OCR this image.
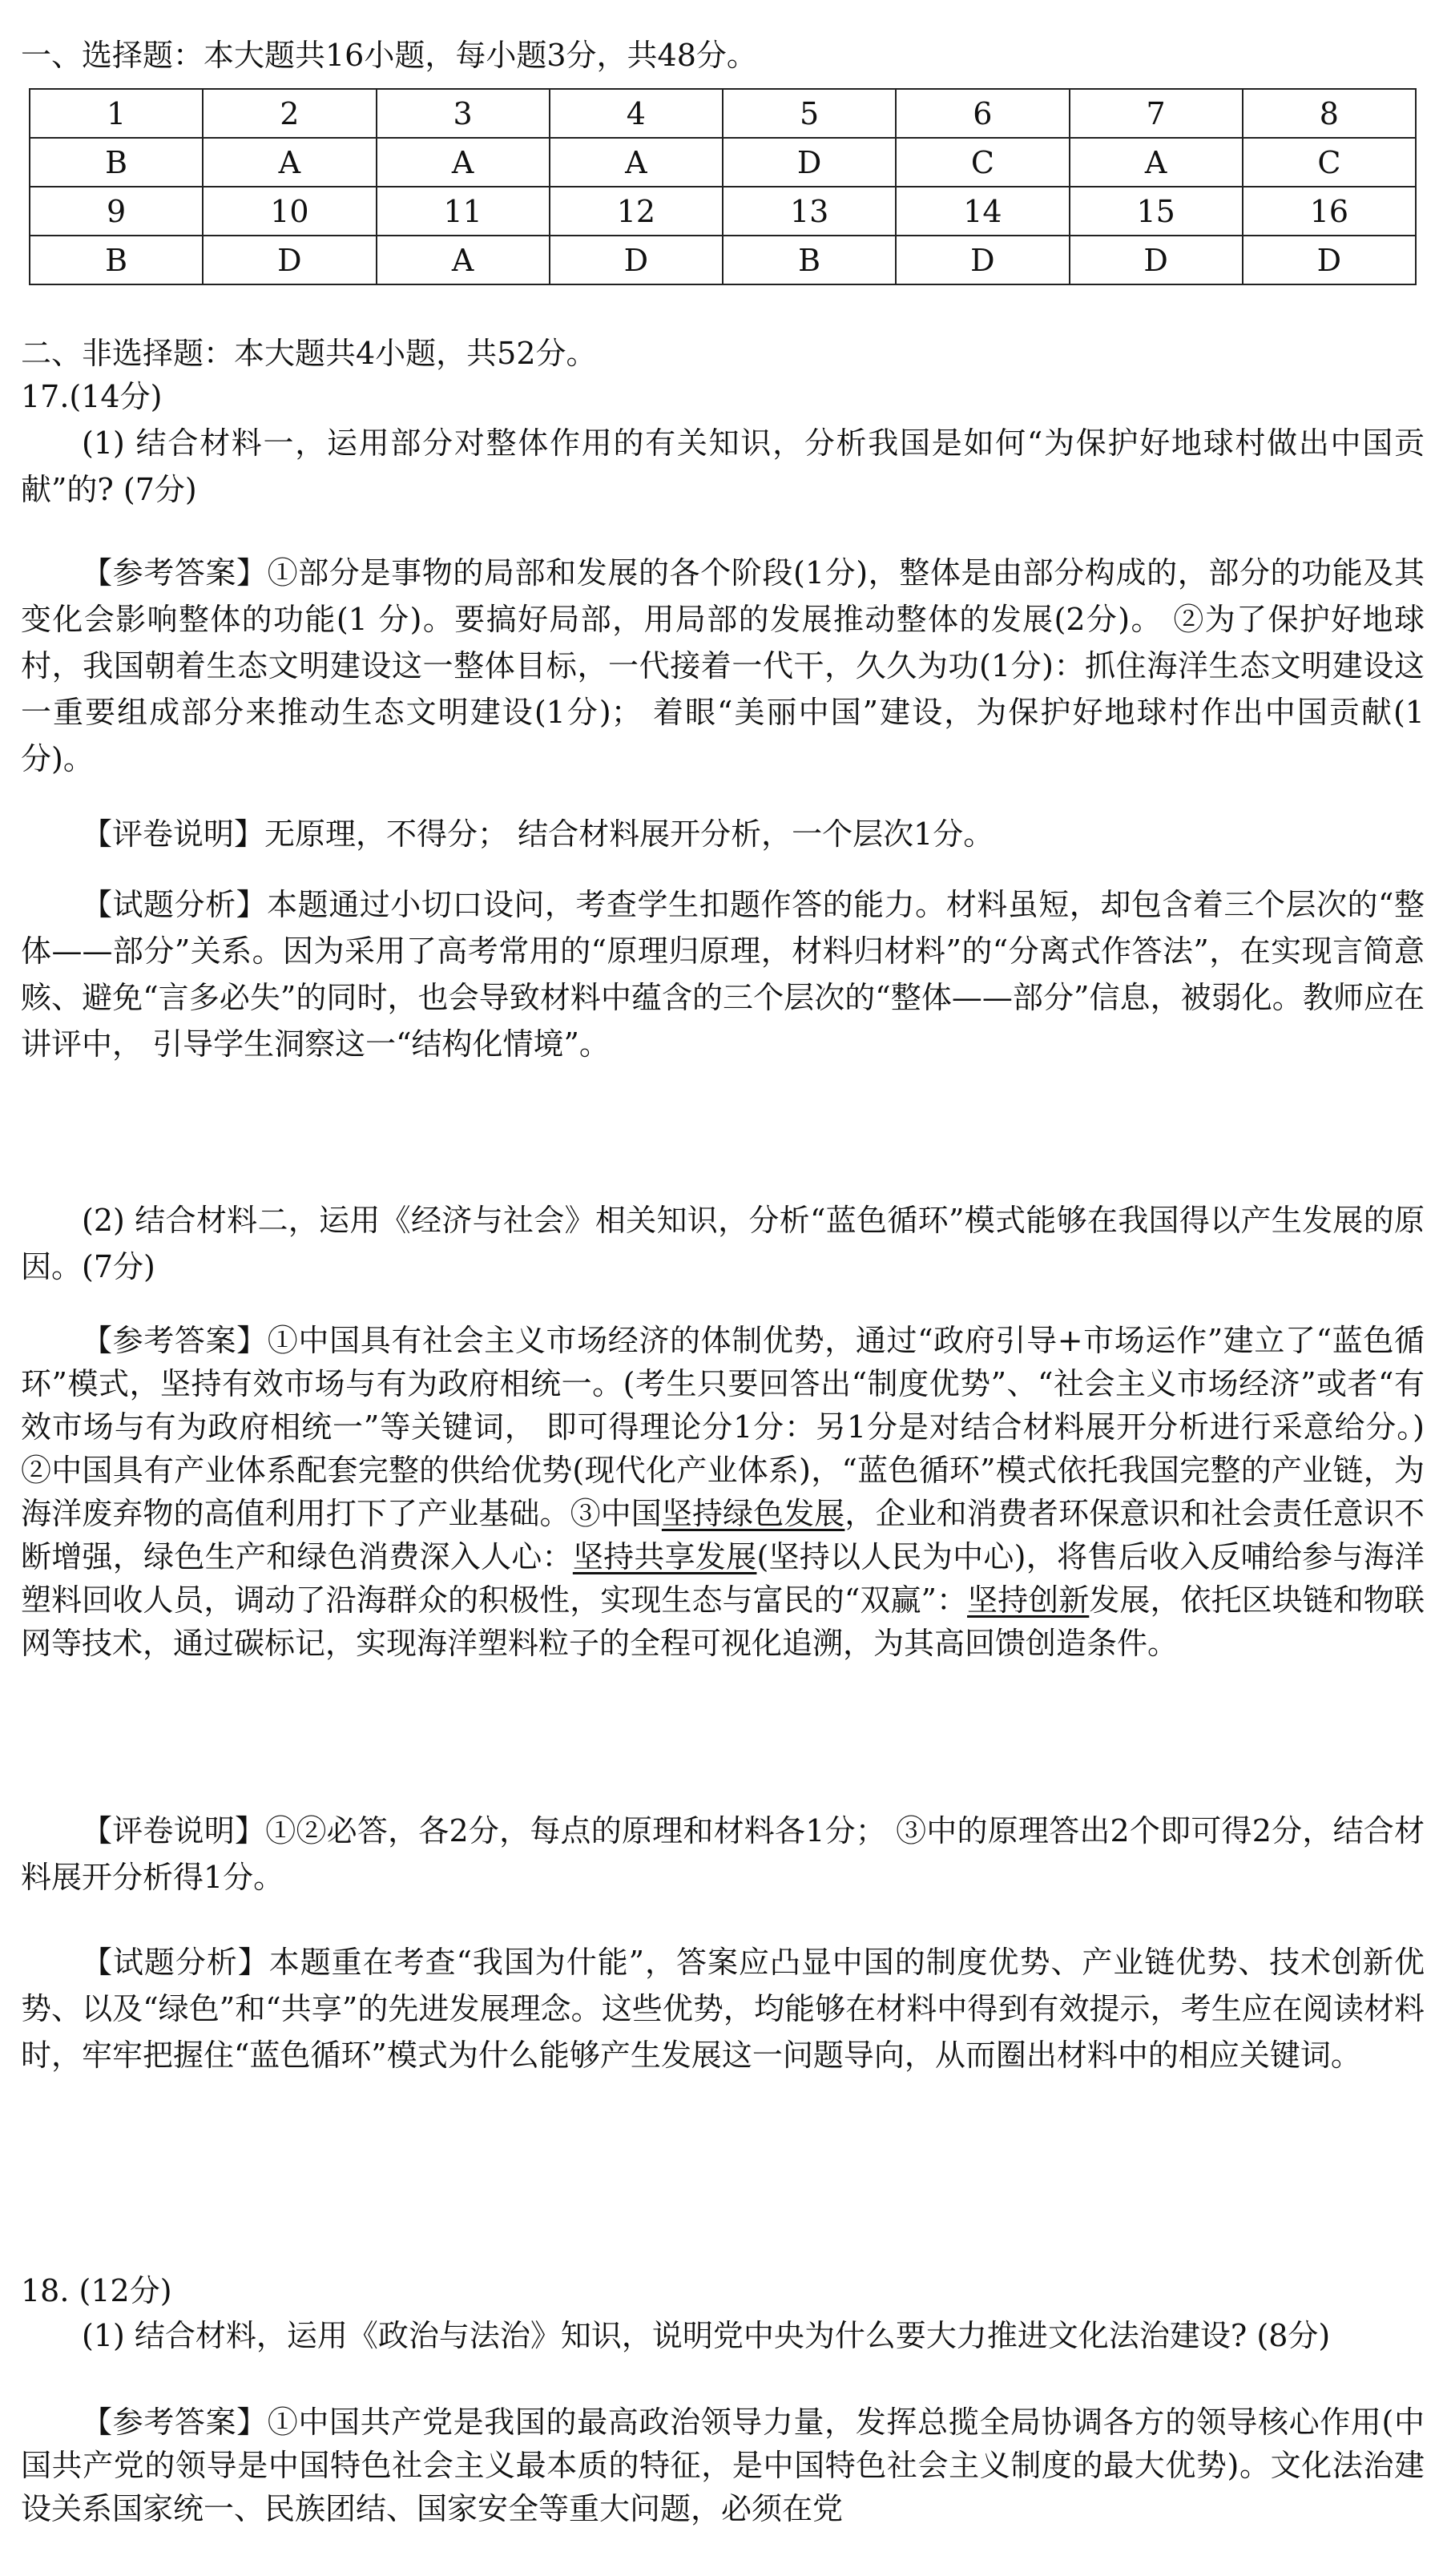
一、选择题：本大题共16小题，每小题3分，共48分。
1	2	3	4	5	6	7	8
B	A	A	A	D	C	A	C
9	10	11	12	13	14	15	16
B	D	A	D	B	D	D	D
二、非选择题：本大题共4小题，共52分。
17.(14分)
(1) 结合材料一，运用部分对整体作用的有关知识，分析我国是如何“为保护好地球村做出中国贡献”的? (7分)
【参考答案】①部分是事物的局部和发展的各个阶段(1分)，整体是由部分构成的，部分的功能及其变化会影响整体的功能(1 分)。要搞好局部，用局部的发展推动整体的发展(2分)。 ②为了保护好地球村，我国朝着生态文明建设这一整体目标，一代接着一代干，久久为功(1分)：抓住海洋生态文明建设这一重要组成部分来推动生态文明建设(1分)； 着眼“美丽中国”建设，为保护好地球村作出中国贡献(1分)。
【评卷说明】无原理，不得分； 结合材料展开分析，一个层次1分。
【试题分析】本题通过小切口设问，考查学生扣题作答的能力。材料虽短，却包含着三个层次的“整体——部分”关系。因为采用了高考常用的“原理归原理，材料归材料”的“分离式作答法”，在实现言简意赅、避免“言多必失”的同时，也会导致材料中蕴含的三个层次的“整体——部分”信息，被弱化。教师应在讲评中， 引导学生洞察这一“结构化情境”。
(2) 结合材料二，运用《经济与社会》相关知识，分析“蓝色循环”模式能够在我国得以产生发展的原因。(7分)
【参考答案】①中国具有社会主义市场经济的体制优势，通过“政府引导+市场运作”建立了“蓝色循环”模式，坚持有效市场与有为政府相统一。(考生只要回答出“制度优势”、“社会主义市场经济”或者“有效市场与有为政府相统一”等关键词， 即可得理论分1分：另1分是对结合材料展开分析进行采意给分。) ②中国具有产业体系配套完整的供给优势(现代化产业体系)，“蓝色循环”模式依托我国完整的产业链，为海洋废弃物的高值利用打下了产业基础。③中国坚持绿色发展，企业和消费者环保意识和社会责任意识不断增强，绿色生产和绿色消费深入人心：坚持共享发展(坚持以人民为中心)，将售后收入反哺给参与海洋塑料回收人员，调动了沿海群众的积极性，实现生态与富民的“双赢”：坚持创新发展，依托区块链和物联网等技术，通过碳标记，实现海洋塑料粒子的全程可视化追溯，为其高回馈创造条件。
【评卷说明】①②必答，各2分，每点的原理和材料各1分； ③中的原理答出2个即可得2分，结合材料展开分析得1分。
【试题分析】本题重在考查“我国为什能”，答案应凸显中国的制度优势、产业链优势、技术创新优势、以及“绿色”和“共享”的先进发展理念。这些优势，均能够在材料中得到有效提示，考生应在阅读材料时，牢牢把握住“蓝色循环”模式为什么能够产生发展这一问题导向，从而圈出材料中的相应关键词。
18. (12分)
(1) 结合材料，运用《政治与法治》知识，说明党中央为什么要大力推进文化法治建设? (8分)
【参考答案】①中国共产党是我国的最高政治领导力量，发挥总揽全局协调各方的领导核心作用(中国共产党的领导是中国特色社会主义最本质的特征，是中国特色社会主义制度的最大优势)。文化法治建设关系国家统一、民族团结、国家安全等重大问题，必须在党
